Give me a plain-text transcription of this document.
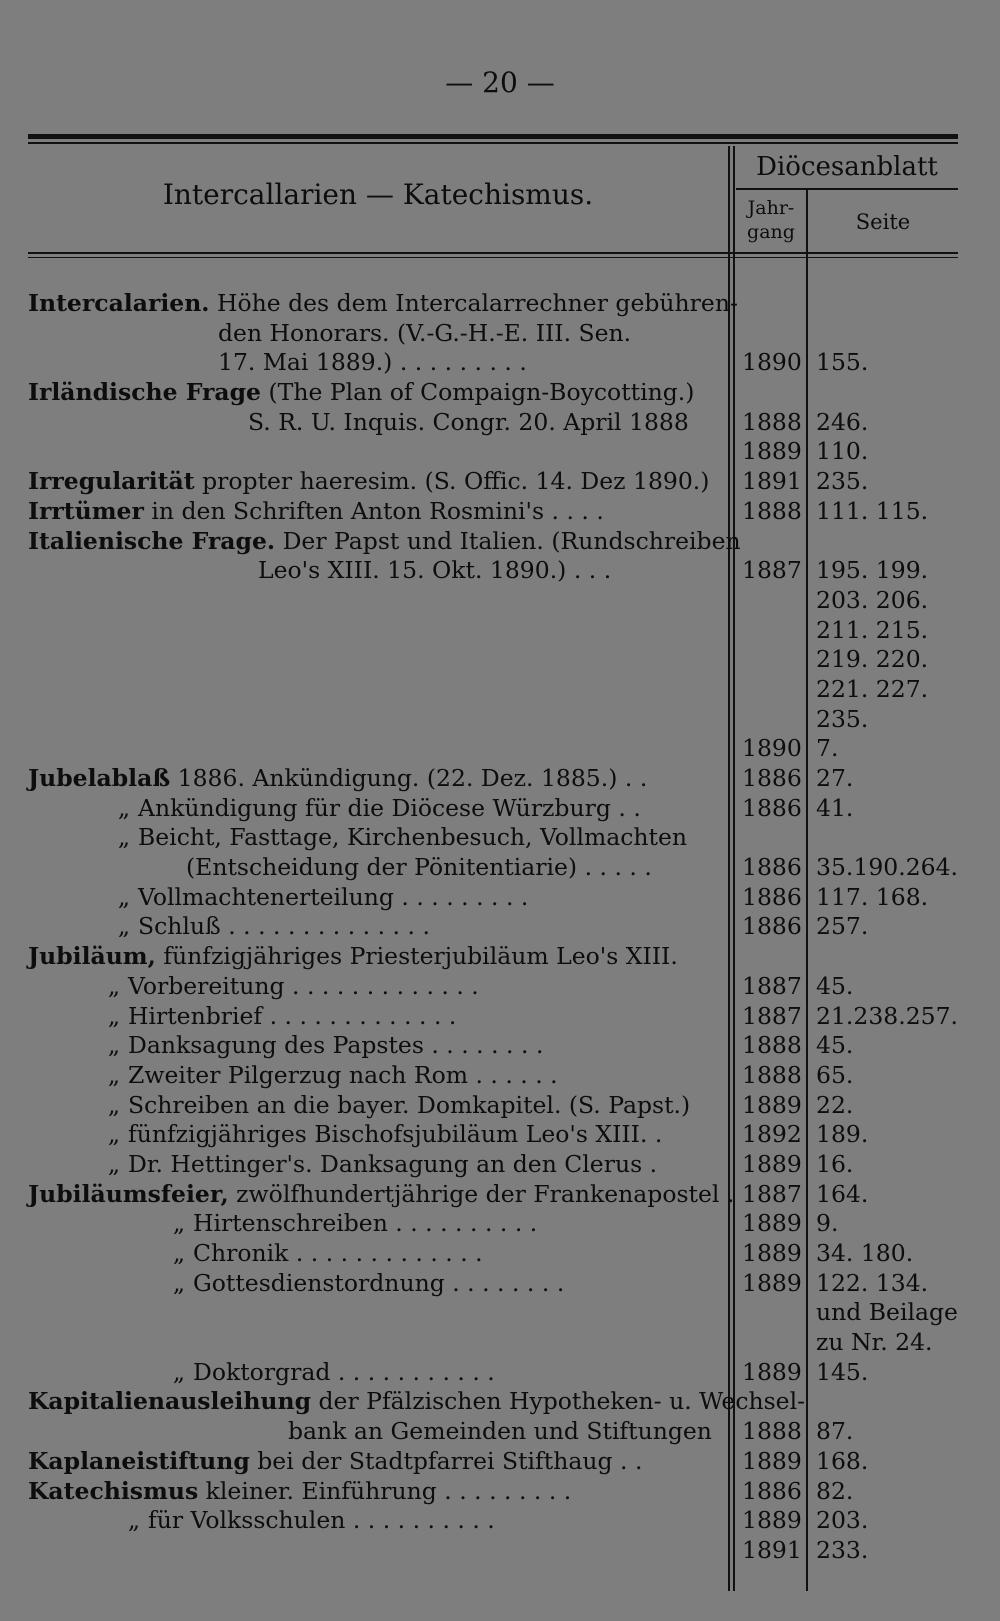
— 20 —
Intercallarien — Katechismus.
Diöcesanblatt
Jahr-
gang	Seite
Intercalarien. Höhe des dem Intercalarrechner gebühren-
den Honorars. (V.-G.-H.-E. III. Sen.
17. Mai 1889.) . . . . . . . . .	1890 155.
Irländische Frage (The Plan of Compaign-Boycotting.)
S. R. U. Inquis. Congr. 20. April 1888	1888 246.
1889 110.
Irregularität propter haeresim. (S. Offic. 14. Dez 1890.)	1891 235.
Irrtümer in den Schriften Anton Rosmini's . . . .	1888 111. 115.
Italienische Frage. Der Papst und Italien. (Rundschreiben
Leo's XIII. 15. Okt. 1890.) . . .	1887 195. 199.
203. 206.
211. 215.
219. 220.
221. 227.
235.
1890 7.
Jubelablaß 1886. Ankündigung. (22. Dez. 1885.) . .	1886 27.
„ Ankündigung für die Diöcese Würzburg . .	1886 41.
„ Beicht, Fasttage, Kirchenbesuch, Vollmachten
(Entscheidung der Pönitentiarie) . . . . .	1886 35.190.264.
„ Vollmachtenerteilung . . . . . . . . .	1886 117. 168.
„ Schluß . . . . . . . . . . . . . .	1886 257.
Jubiläum, fünfzigjähriges Priesterjubiläum Leo's XIII.
„ Vorbereitung . . . . . . . . . . . . .	1887 45.
„ Hirtenbrief . . . . . . . . . . . . .	1887 21.238.257.
„ Danksagung des Papstes . . . . . . . .	1888 45.
„ Zweiter Pilgerzug nach Rom . . . . . .	1888 65.
„ Schreiben an die bayer. Domkapitel. (S. Papst.)	1889 22.
„ fünfzigjähriges Bischofsjubiläum Leo's XIII. .	1892 189.
„ Dr. Hettinger's. Danksagung an den Clerus .	1889 16.
Jubiläumsfeier, zwölfhundertjährige der Frankenapostel . 1887 164.
„ Hirtenschreiben . . . . . . . . . .	1889 9.
„ Chronik . . . . . . . . . . . . .	1889 34. 180.
„ Gottesdienstordnung . . . . . . . .	1889 122. 134.
und Beilage
zu Nr. 24.
„ Doktorgrad . . . . . . . . . . .	1889 145.
Kapitalienausleihung der Pfälzischen Hypotheken- u. Wechsel-
bank an Gemeinden und Stiftungen	1888 87.
Kaplaneistiftung bei der Stadtpfarrei Stifthaug . .	1889 168.
Katechismus kleiner. Einführung . . . . . . . . .	1886 82.
„ für Volksschulen . . . . . . . . . .	1889 203.
1891 233.
